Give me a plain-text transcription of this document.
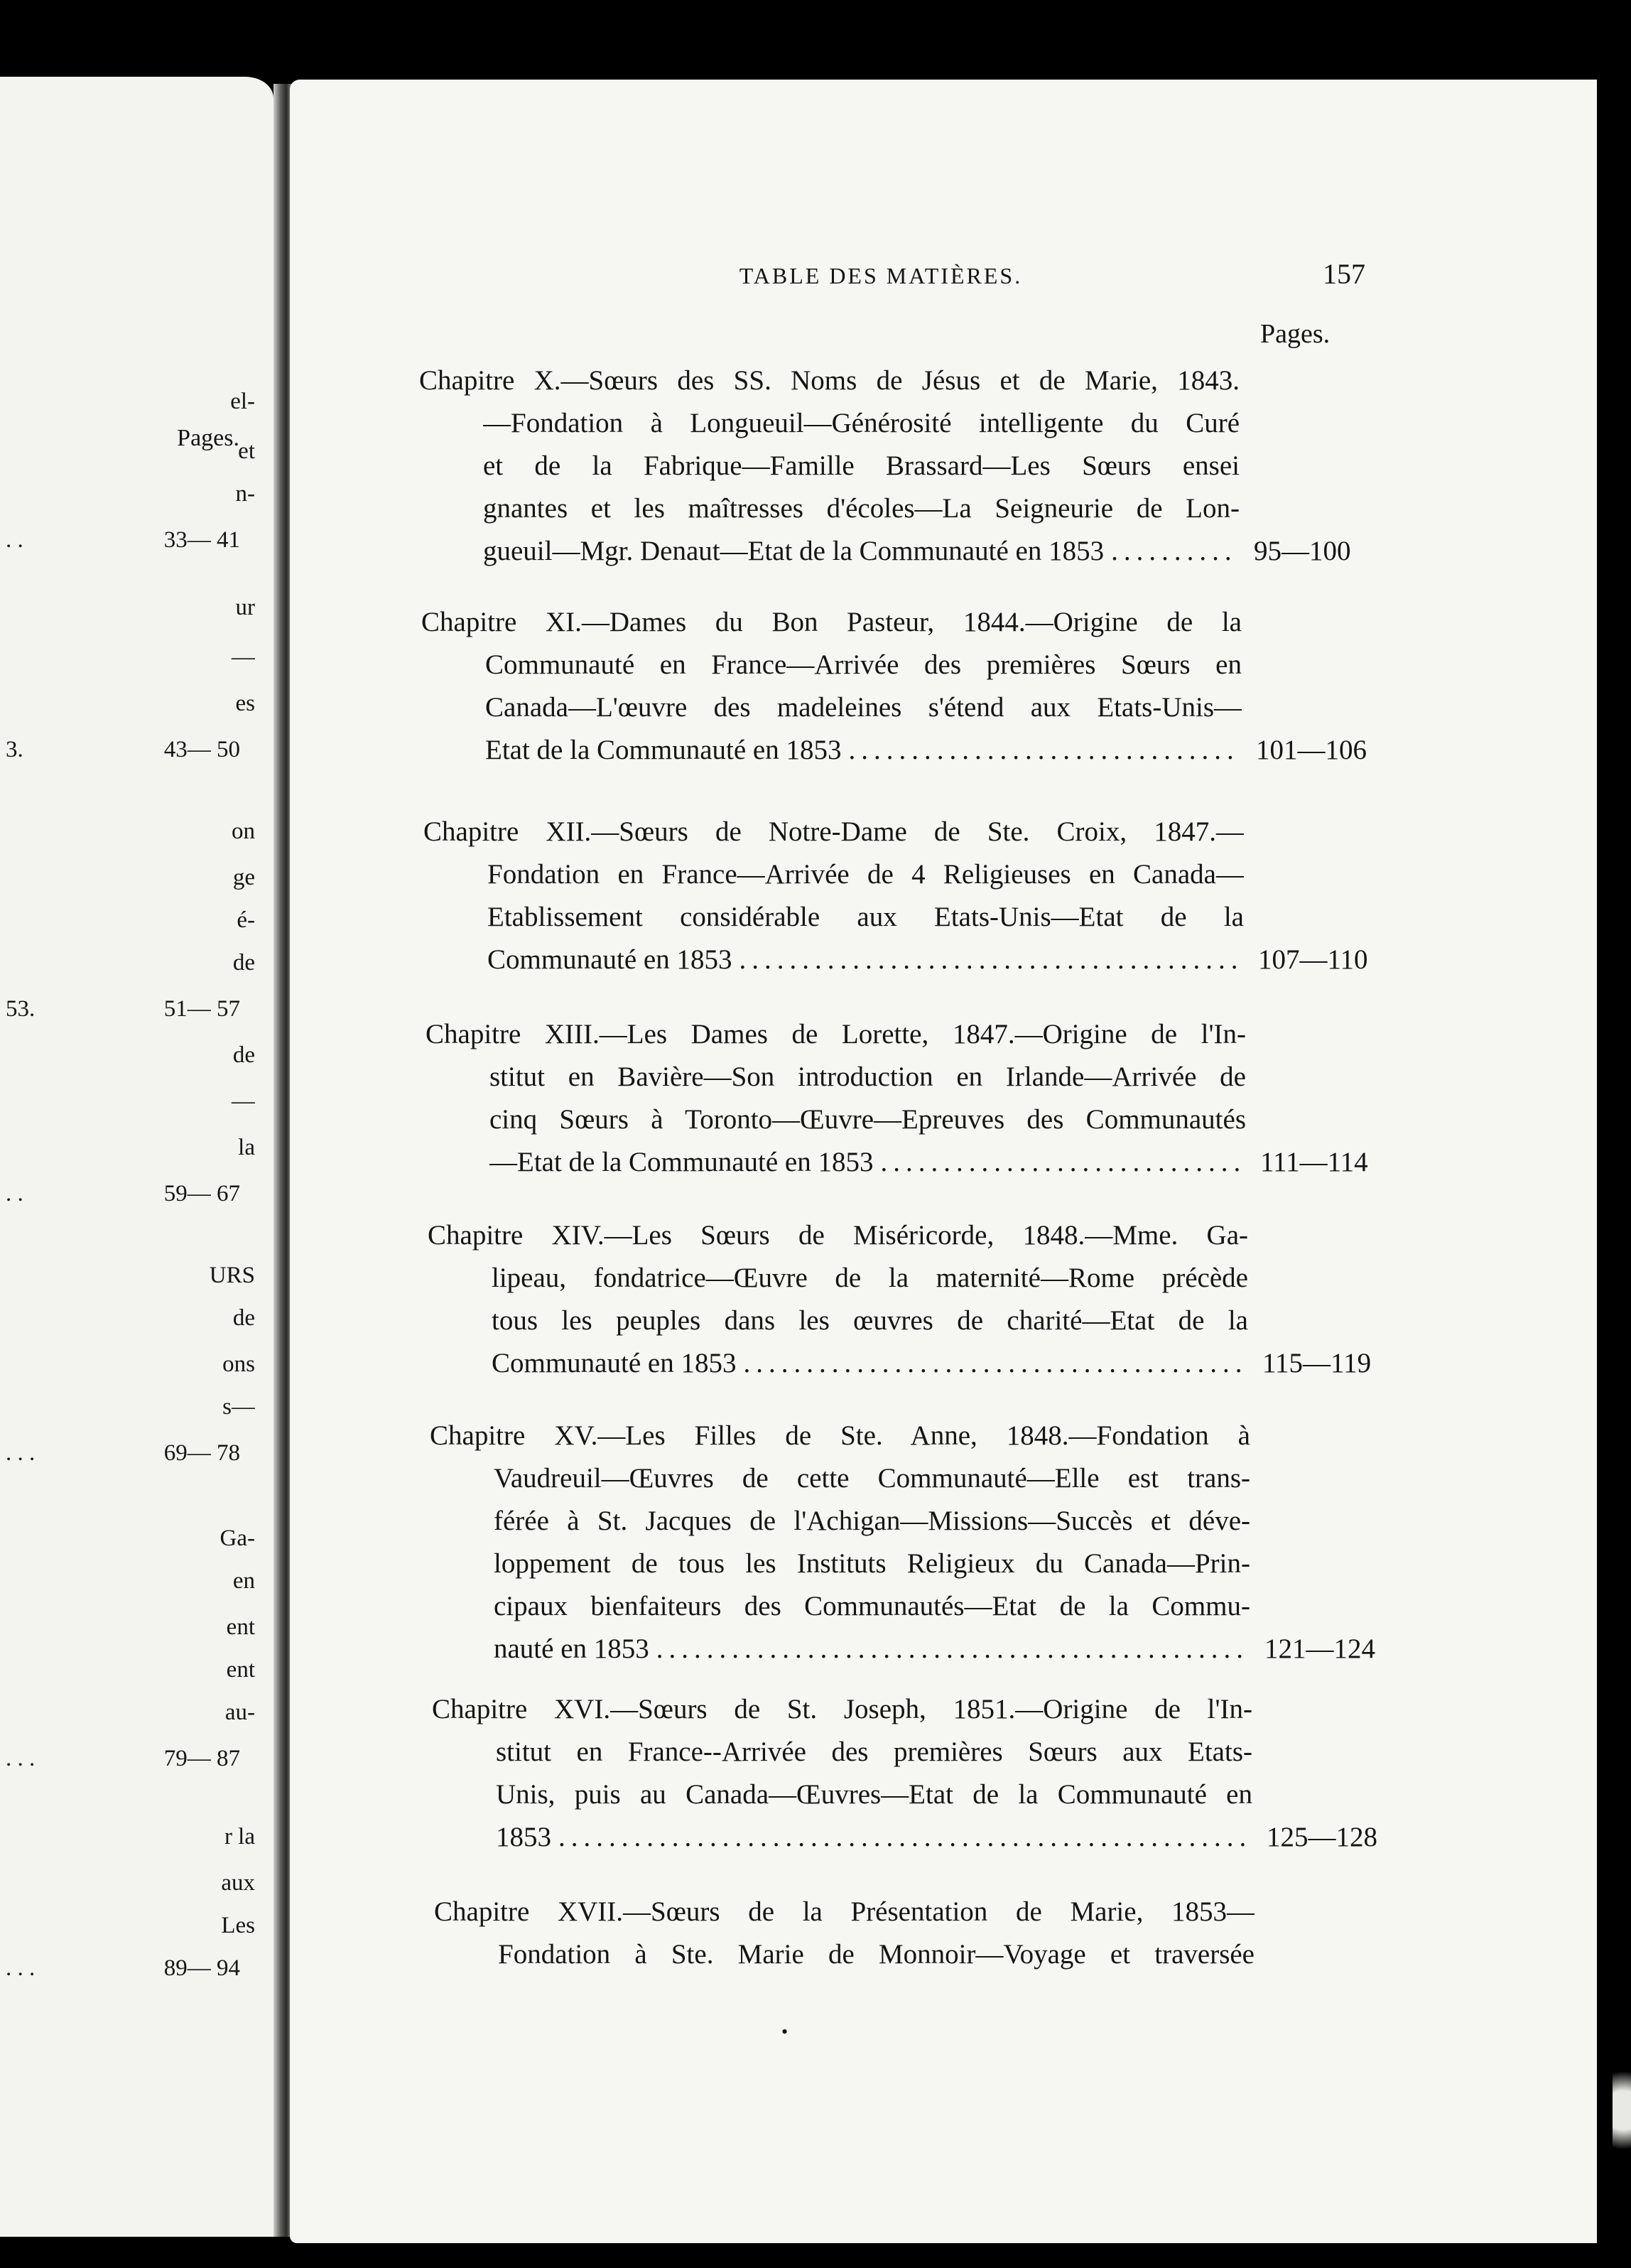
Pages.
el-
et
n-
. .	33— 41
ur
—
es
3.	43— 50
on
ge
é-
de
53.	51— 57
de
—
la
. .	59— 67
URS
de
ons
s—
. . .	69— 78
Ga-
en
ent
ent
au-
. . .	79— 87
r la
aux
Les
. . .	89— 94
TABLE DES MATIÈRES.	157
Pages.
Chapitre X.—Sœurs des SS. Noms de Jésus et de Marie, 1843.
—Fondation à Longueuil—Générosité intelligente du Curé
et de la Fabrique—Famille Brassard—Les Sœurs ensei
gnantes et les maîtresses d'écoles—La Seigneurie de Lon-
gueuil—Mgr. Denaut—Etat de la Communauté en 1853 .....	95—100
Chapitre XI.—Dames du Bon Pasteur, 1844.—Origine de la
Communauté en France—Arrivée des premières Sœurs en
Canada—L'œuvre des madeleines s'étend aux Etats-Unis—
Etat de la Communauté en 1853 .....	101—106
Chapitre XII.—Sœurs de Notre-Dame de Ste. Croix, 1847.—
Fondation en France—Arrivée de 4 Religieuses en Canada—
Etablissement considérable aux Etats-Unis—Etat de la
Communauté en 1853 .....	107—110
Chapitre XIII.—Les Dames de Lorette, 1847.—Origine de l'In-
stitut en Bavière—Son introduction en Irlande—Arrivée de
cinq Sœurs à Toronto—Œuvre—Epreuves des Communautés
—Etat de la Communauté en 1853 .....	111—114
Chapitre XIV.—Les Sœurs de Miséricorde, 1848.—Mme. Ga-
lipeau, fondatrice—Œuvre de la maternité—Rome précède
tous les peuples dans les œuvres de charité—Etat de la
Communauté en 1853 .....	115—119
Chapitre XV.—Les Filles de Ste. Anne, 1848.—Fondation à
Vaudreuil—Œuvres de cette Communauté—Elle est trans-
férée à St. Jacques de l'Achigan—Missions—Succès et déve-
loppement de tous les Instituts Religieux du Canada—Prin-
cipaux bienfaiteurs des Communautés—Etat de la Commu-
nauté en 1853 .....	121—124
Chapitre XVI.—Sœurs de St. Joseph, 1851.—Origine de l'In-
stitut en France--Arrivée des premières Sœurs aux Etats-
Unis, puis au Canada—Œuvres—Etat de la Communauté en
1853 .....	125—128
Chapitre XVII.—Sœurs de la Présentation de Marie, 1853—
Fondation à Ste. Marie de Monnoir—Voyage et traversée
•
